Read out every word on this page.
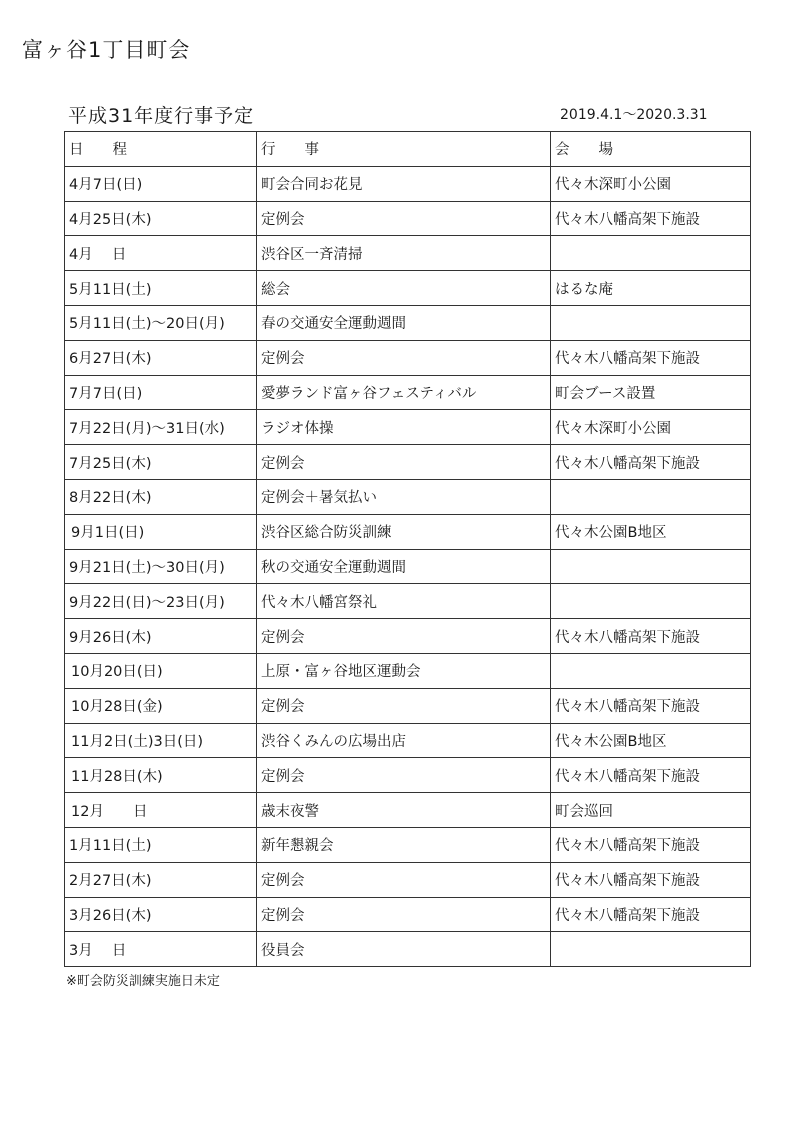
富ヶ谷1丁目町会
平成31年度行事予定	2019.4.1～2020.3.31
日　　程	行　　事	会　　場
4月7日(日)	町会合同お花見	代々木深町小公園
4月25日(木)	定例会	代々木八幡高架下施設
4月　 日	渋谷区一斉清掃	
5月11日(土)	総会	はるな庵
5月11日(土)～20日(月)	春の交通安全運動週間	
6月27日(木)	定例会	代々木八幡高架下施設
7月7日(日)	愛夢ランド富ヶ谷フェスティバル	町会ブース設置
7月22日(月)～31日(水)	ラジオ体操	代々木深町小公園
7月25日(木)	定例会	代々木八幡高架下施設
8月22日(木)	定例会＋暑気払い	
9月1日(日)	渋谷区総合防災訓練	代々木公園B地区
9月21日(土)～30日(月)	秋の交通安全運動週間	
9月22日(日)～23日(月)	代々木八幡宮祭礼	
9月26日(木)	定例会	代々木八幡高架下施設
10月20日(日)	上原・富ヶ谷地区運動会	
10月28日(金)	定例会	代々木八幡高架下施設
11月2日(土)3日(日)	渋谷くみんの広場出店	代々木公園B地区
11月28日(木)	定例会	代々木八幡高架下施設
12月　　日	歳末夜警	町会巡回
1月11日(土)	新年懇親会	代々木八幡高架下施設
2月27日(木)	定例会	代々木八幡高架下施設
3月26日(木)	定例会	代々木八幡高架下施設
3月　 日	役員会	
※町会防災訓練実施日未定
